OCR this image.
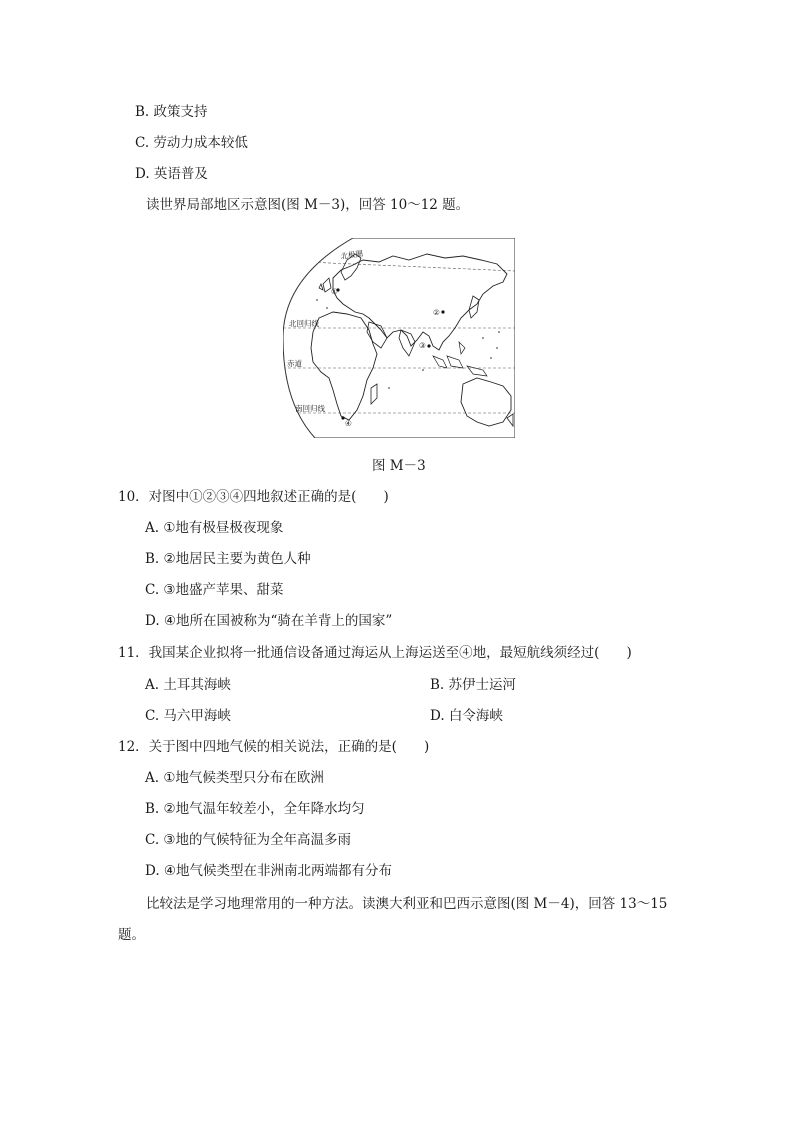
B. 政策支持
C. 劳动力成本较低
D. 英语普及
读世界局部地区示意图(图 M－3)，回答 10～12 题。
北极圈
北回归线
赤道
南回归线
①
②
③
④
图 M－3
10．对图中①②③④四地叙述正确的是(　　)
A. ①地有极昼极夜现象
B. ②地居民主要为黄色人种
C. ③地盛产苹果、甜菜
D. ④地所在国被称为“骑在羊背上的国家”
11．我国某企业拟将一批通信设备通过海运从上海运送至④地，最短航线须经过(　　)
A. 土耳其海峡	B. 苏伊士运河
C. 马六甲海峡	D. 白令海峡
12．关于图中四地气候的相关说法，正确的是(　　)
A. ①地气候类型只分布在欧洲
B. ②地气温年较差小，全年降水均匀
C. ③地的气候特征为全年高温多雨
D. ④地气候类型在非洲南北两端都有分布
比较法是学习地理常用的一种方法。读澳大利亚和巴西示意图(图 M－4)，回答 13～15
题。
